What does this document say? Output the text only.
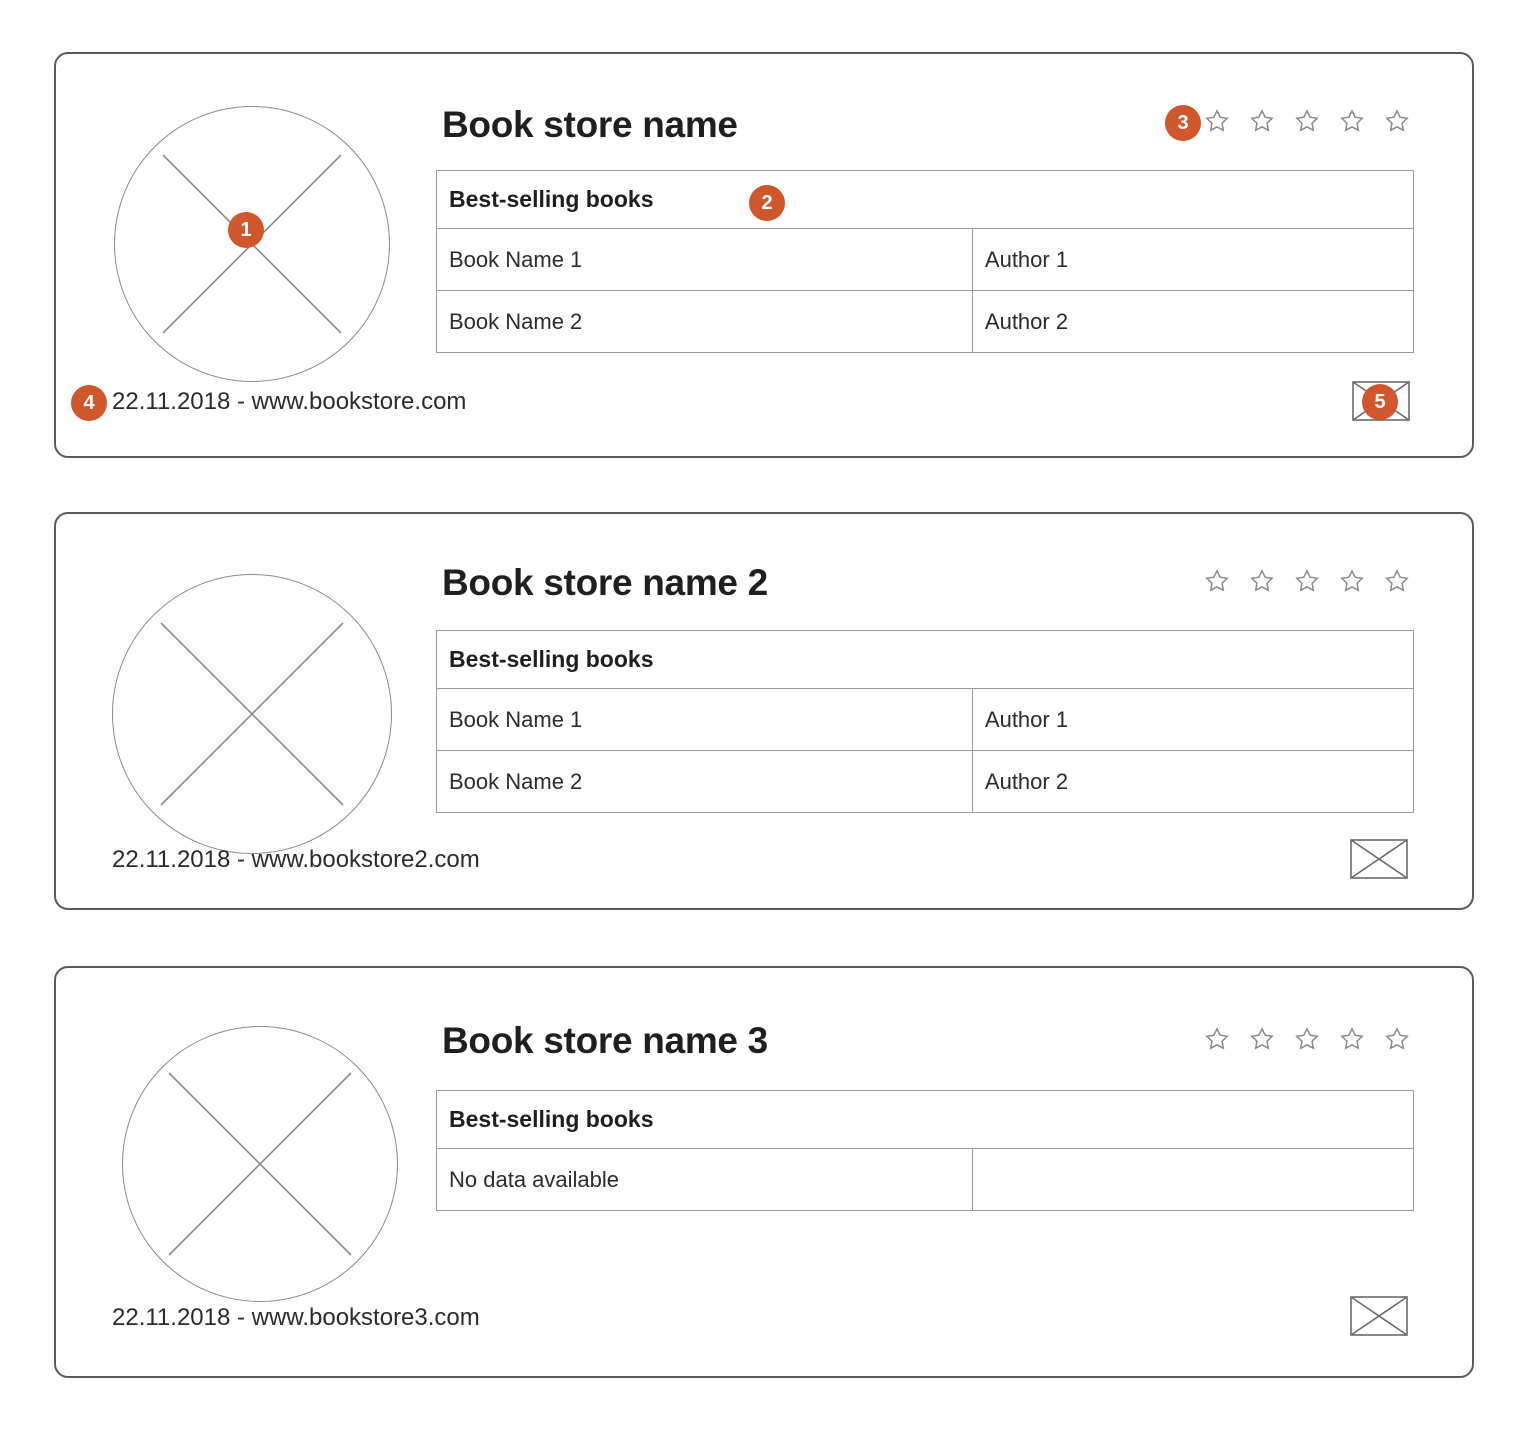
Book store name
Best-selling books
Book Name 1	Author 1
Book Name 2	Author 2
22.11.2018 - www.bookstore.com
Book store name 2
Best-selling books
Book Name 1	Author 1
Book Name 2	Author 2
22.11.2018 - www.bookstore2.com
Book store name 3
Best-selling books
No data available
22.11.2018 - www.bookstore3.com
1
2
3
4	5
